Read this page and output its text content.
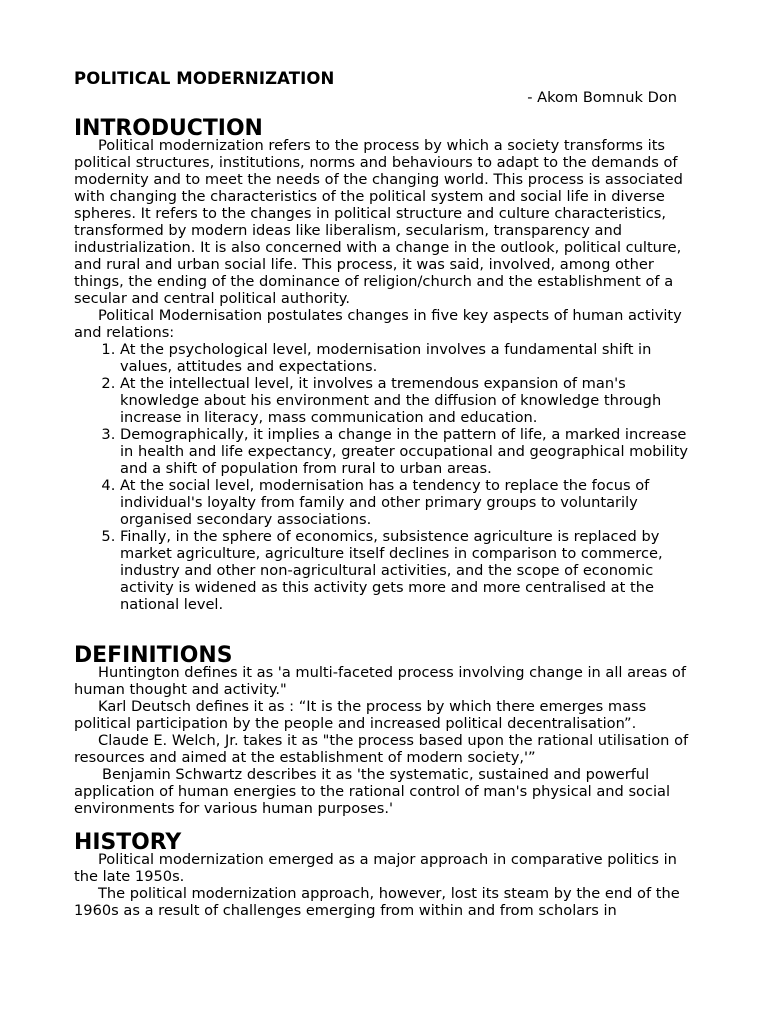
POLITICAL MODERNIZATION

- Akom Bomnuk Don

INTRODUCTION

Political modernization refers to the process by which a society transforms its political structures, institutions, norms and behaviours to adapt to the demands of modernity and to meet the needs of the changing world. This process is associated with changing the characteristics of the political system and social life in diverse spheres. It refers to the changes in political structure and culture characteristics, transformed by modern ideas like liberalism, secularism, transparency and industrialization. It is also concerned with a change in the outlook, political culture, and rural and urban social life. This process, it was said, involved, among other things, the ending of the dominance of religion/church and the establishment of a secular and central political authority.

Political Modernisation postulates changes in five key aspects of human activity and relations:

1. At the psychological level, modernisation involves a fundamental shift in values, attitudes and expectations.
2. At the intellectual level, it involves a tremendous expansion of man's knowledge about his environment and the diffusion of knowledge through increase in literacy, mass communication and education.
3. Demographically, it implies a change in the pattern of life, a marked increase in health and life expectancy, greater occupational and geographical mobility and a shift of population from rural to urban areas.
4. At the social level, modernisation has a tendency to replace the focus of individual's loyalty from family and other primary groups to voluntarily organised secondary associations.
5. Finally, in the sphere of economics, subsistence agriculture is replaced by market agriculture, agriculture itself declines in comparison to commerce, industry and other non-agricultural activities, and the scope of economic activity is widened as this activity gets more and more centralised at the national level.
DEFINITIONS

Huntington defines it as 'a multi-faceted process involving change in all areas of human thought and activity."

Karl Deutsch defines it as : “It is the process by which there emerges mass political participation by the people and increased political decentralisation”.

Claude E. Welch, Jr. takes it as "the process based upon the rational utilisation of resources and aimed at the establishment of modern society,'”

Benjamin Schwartz describes it as 'the systematic, sustained and powerful application of human energies to the rational control of man's physical and social environments for various human purposes.'

HISTORY

Political modernization emerged as a major approach in comparative politics in the late 1950s.

The political modernization approach, however, lost its steam by the end of the 1960s as a result of challenges emerging from within and from scholars in
